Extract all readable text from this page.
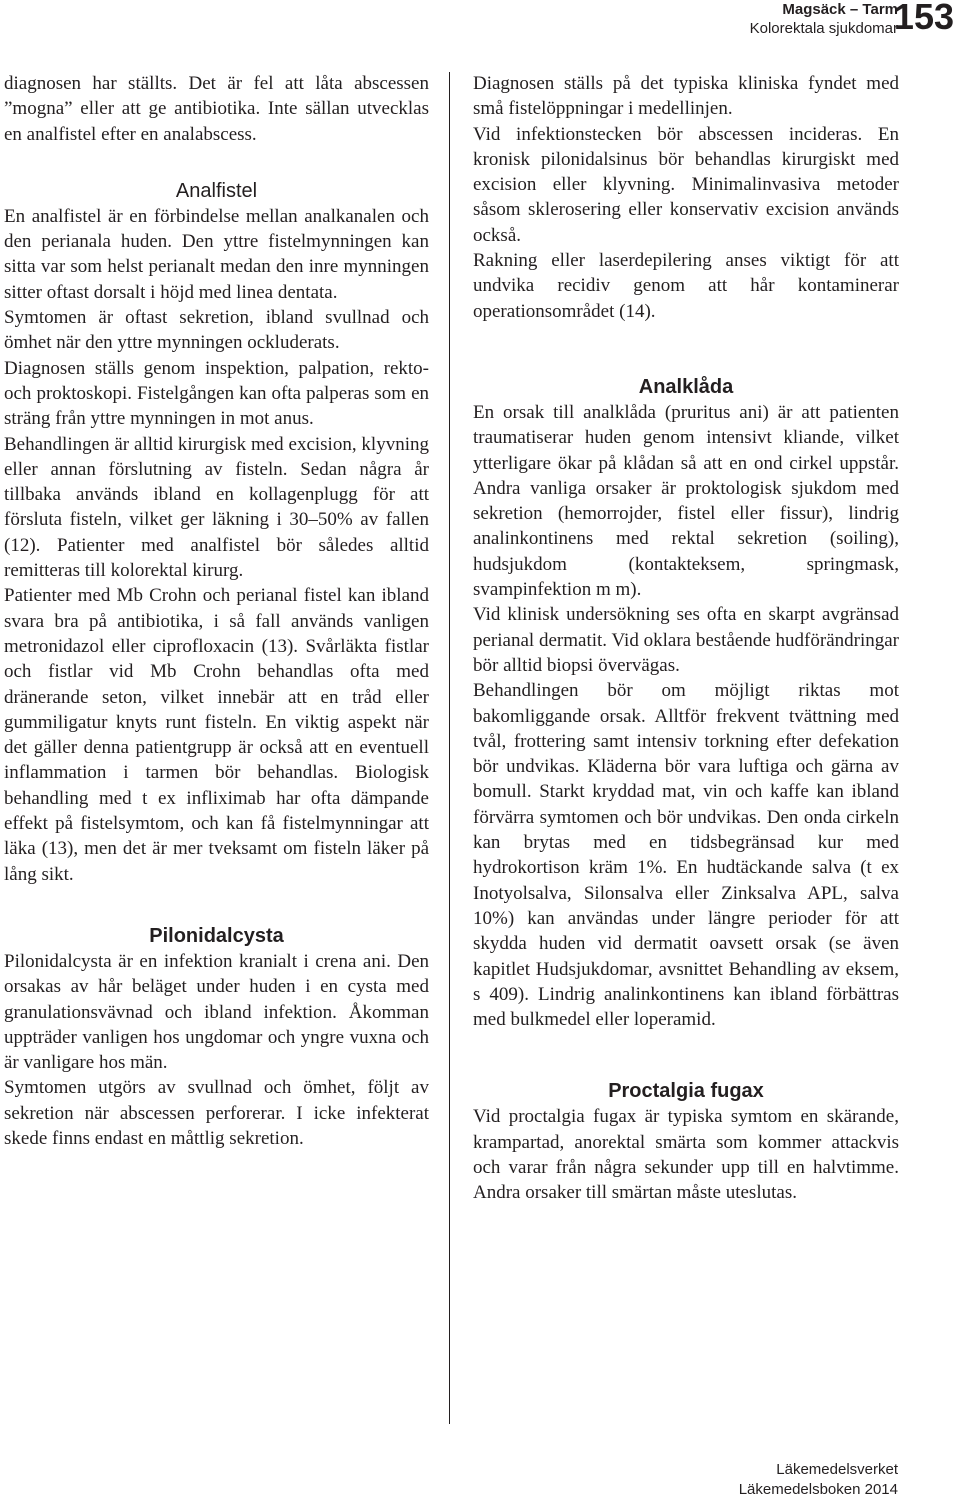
Magsäck – Tarm
Kolorektala sjukdomar
153

diagnosen har ställts. Det är fel att låta abscessen ”mogna” eller att ge antibiotika. Inte sällan utvecklas en analfistel efter en analabscess.

Analfistel

En analfistel är en förbindelse mellan analkanalen och den perianala huden. Den yttre fistelmynningen kan sitta var som helst perianalt medan den inre mynningen sitter oftast dorsalt i höjd med linea dentata.

Symtomen är oftast sekretion, ibland svullnad och ömhet när den yttre mynningen ockluderats.

Diagnosen ställs genom inspektion, palpation, rekto- och proktoskopi. Fistelgången kan ofta palperas som en sträng från yttre mynningen in mot anus.

Behandlingen är alltid kirurgisk med excision, klyvning eller annan förslutning av fisteln. Sedan några år tillbaka används ibland en kollagenplugg för att försluta fisteln, vilket ger läkning i 30–50% av fallen (12). Patienter med analfistel bör således alltid remitteras till kolorektal kirurg.

Patienter med Mb Crohn och perianal fistel kan ibland svara bra på antibiotika, i så fall används vanligen metronidazol eller ciprofloxacin (13). Svårläkta fistlar och fistlar vid Mb Crohn behandlas ofta med dränerande seton, vilket innebär att en tråd eller gummiligatur knyts runt fisteln. En viktig aspekt när det gäller denna patientgrupp är också att en eventuell inflammation i tarmen bör behandlas. Biologisk behandling med t ex infliximab har ofta dämpande effekt på fistelsymtom, och kan få fistelmynningar att läka (13), men det är mer tveksamt om fisteln läker på lång sikt.

Pilonidalcysta

Pilonidalcysta är en infektion kranialt i crena ani. Den orsakas av hår beläget under huden i en cysta med granulationsvävnad och ibland infektion. Åkomman uppträder vanligen hos ungdomar och yngre vuxna och är vanligare hos män.

Symtomen utgörs av svullnad och ömhet, följt av sekretion när abscessen perforerar. I icke infekterat skede finns endast en måttlig sekretion.

Diagnosen ställs på det typiska kliniska fyndet med små fistelöppningar i medellinjen.

Vid infektionstecken bör abscessen incideras. En kronisk pilonidalsinus bör behandlas kirurgiskt med excision eller klyvning. Minimalinvasiva metoder såsom sklerosering eller konservativ excision används också.

Rakning eller laserdepilering anses viktigt för att undvika recidiv genom att hår kontaminerar operationsområdet (14).

Analklåda

En orsak till analklåda (pruritus ani) är att patienten traumatiserar huden genom intensivt kliande, vilket ytterligare ökar på klådan så att en ond cirkel uppstår. Andra vanliga orsaker är proktologisk sjukdom med sekretion (hemorrojder, fistel eller fissur), lindrig analinkontinens med rektal sekretion (soiling), hudsjukdom (kontakteksem, springmask, svampinfektion m m).

Vid klinisk undersökning ses ofta en skarpt avgränsad perianal dermatit. Vid oklara bestående hudförändringar bör alltid biopsi övervägas.

Behandlingen bör om möjligt riktas mot bakomliggande orsak. Alltför frekvent tvättning med tvål, frottering samt intensiv torkning efter defekation bör undvikas. Kläderna bör vara luftiga och gärna av bomull. Starkt kryddad mat, vin och kaffe kan ibland förvärra symtomen och bör undvikas. Den onda cirkeln kan brytas med en tidsbegränsad kur med hydrokortison kräm 1%. En hudtäckande salva (t ex Inotyolsalva, Silonsalva eller Zinksalva APL, salva 10%) kan användas under längre perioder för att skydda huden vid dermatit oavsett orsak (se även kapitlet Hudsjukdomar, avsnittet Behandling av eksem, s 409). Lindrig analinkontinens kan ibland förbättras med bulkmedel eller loperamid.

Proctalgia fugax

Vid proctalgia fugax är typiska symtom en skärande, krampartad, anorektal smärta som kommer attackvis och varar från några sekunder upp till en halvtimme. Andra orsaker till smärtan måste uteslutas.

Läkemedelsverket
Läkemedelsboken 2014
